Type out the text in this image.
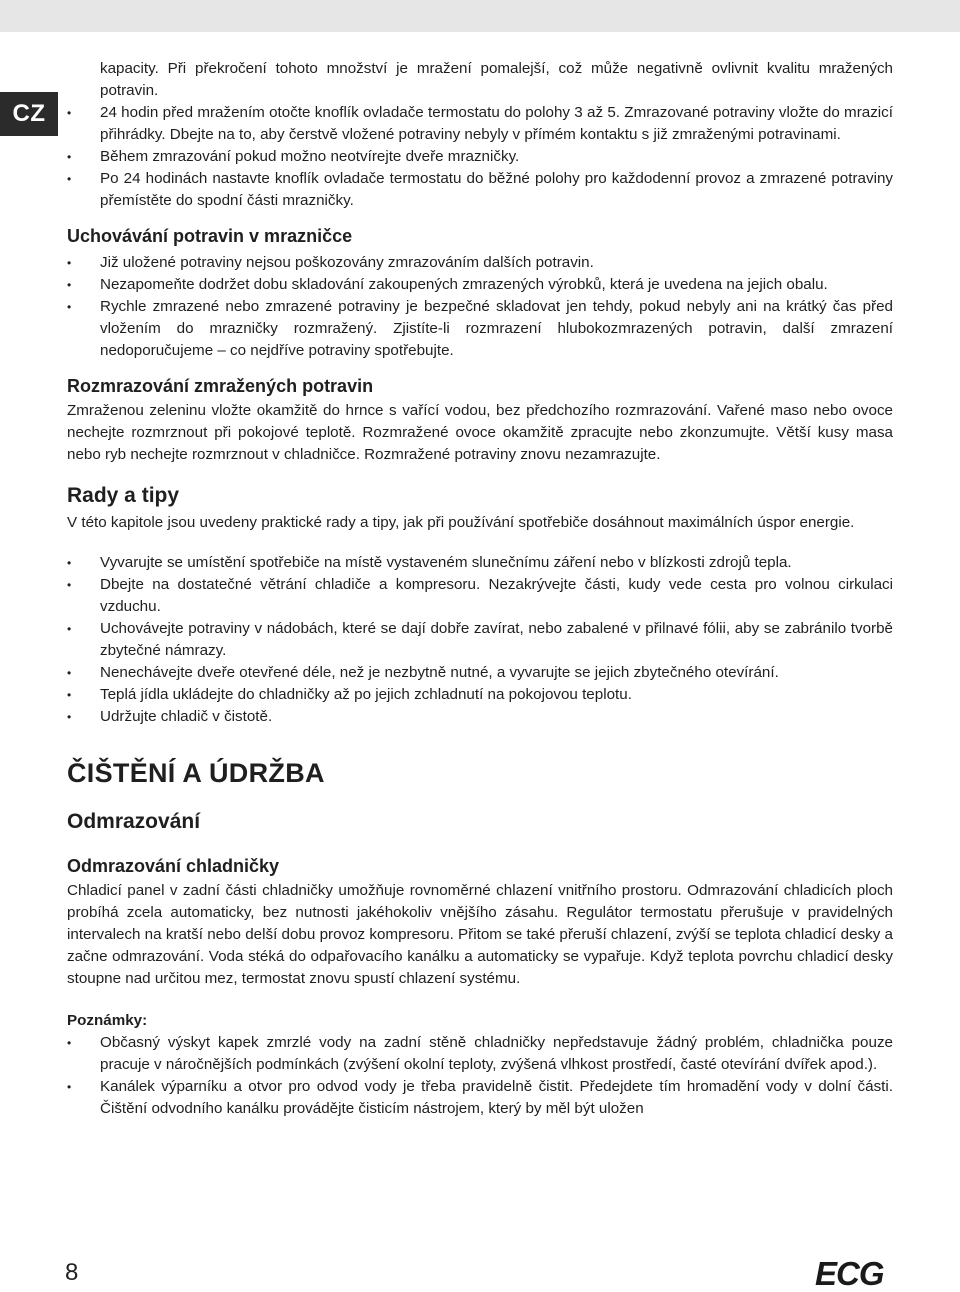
CZ

kapacity. Při překročení tohoto množství je mražení pomalejší, což může negativně ovlivnit kvalitu mražených potravin.

• 24 hodin před mražením otočte knoflík ovladače termostatu do polohy 3 až 5. Zmrazované potraviny vložte do mrazicí přihrádky. Dbejte na to, aby čerstvě vložené potraviny nebyly v přímém kontaktu s již zmraženými potravinami.
• Během zmrazování pokud možno neotvírejte dveře mrazničky.
• Po 24 hodinách nastavte knoflík ovladače termostatu do běžné polohy pro každodenní provoz a zmrazené potraviny přemístěte do spodní části mrazničky.
Uchovávání potravin v mrazničce
• Již uložené potraviny nejsou poškozovány zmrazováním dalších potravin.
• Nezapomeňte dodržet dobu skladování zakoupených zmrazených výrobků, která je uvedena na jejich obalu.
• Rychle zmrazené nebo zmrazené potraviny je bezpečné skladovat jen tehdy, pokud nebyly ani na krátký čas před vložením do mrazničky rozmražený. Zjistíte-li rozmrazení hlubokozmrazených potravin, další zmrazení nedoporučujeme – co nejdříve potraviny spotřebujte.
Rozmrazování zmražených potravin

Zmraženou zeleninu vložte okamžitě do hrnce s vařící vodou, bez předchozího rozmrazování. Vařené maso nebo ovoce nechejte rozmrznout při pokojové teplotě. Rozmražené ovoce okamžitě zpracujte nebo zkonzumujte. Větší kusy masa nebo ryb nechejte rozmrznout v chladničce. Rozmražené potraviny znovu nezamrazujte.

Rady a tipy

V této kapitole jsou uvedeny praktické rady a tipy, jak při používání spotřebiče dosáhnout maximálních úspor energie.

• Vyvarujte se umístění spotřebiče na místě vystaveném slunečnímu záření nebo v blízkosti zdrojů tepla.
• Dbejte na dostatečné větrání chladiče a kompresoru. Nezakrývejte části, kudy vede cesta pro volnou cirkulaci vzduchu.
• Uchovávejte potraviny v nádobách, které se dají dobře zavírat, nebo zabalené v přilnavé fólii, aby se zabránilo tvorbě zbytečné námrazy.
• Nenechávejte dveře otevřené déle, než je nezbytně nutné, a vyvarujte se jejich zbytečného otevírání.
• Teplá jídla ukládejte do chladničky až po jejich zchladnutí na pokojovou teplotu.
• Udržujte chladič v čistotě.
ČIŠTĚNÍ A ÚDRŽBA
Odmrazování
Odmrazování chladničky

Chladicí panel v zadní části chladničky umožňuje rovnoměrné chlazení vnitřního prostoru. Odmrazování chladicích ploch probíhá zcela automaticky, bez nutnosti jakéhokoliv vnějšího zásahu. Regulátor termostatu přerušuje v pravidelných intervalech na kratší nebo delší dobu provoz kompresoru. Přitom se také přeruší chlazení, zvýší se teplota chladicí desky a začne odmrazování. Voda stéká do odpařovacího kanálku a automaticky se vypařuje. Když teplota povrchu chladicí desky stoupne nad určitou mez, termostat znovu spustí chlazení systému.

Poznámky:
• Občasný výskyt kapek zmrzlé vody na zadní stěně chladničky nepředstavuje žádný problém, chladnička pouze pracuje v náročnějších podmínkách (zvýšení okolní teploty, zvýšená vlhkost prostředí, časté otevírání dvířek apod.).
• Kanálek výparníku a otvor pro odvod vody je třeba pravidelně čistit. Předejdete tím hromadění vody v dolní části. Čištění odvodního kanálku provádějte čisticím nástrojem, který by měl být uložen
8	ECG
